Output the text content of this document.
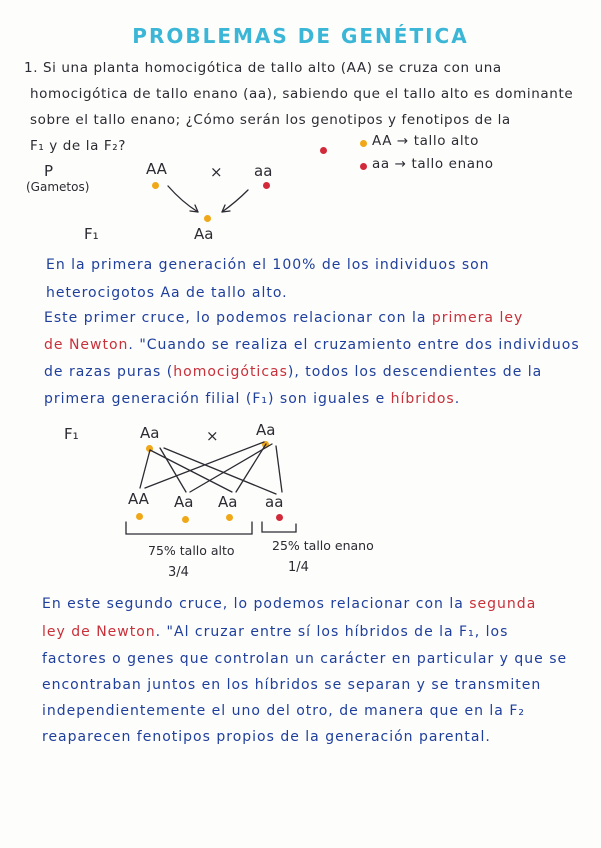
PROBLEMAS DE GENÉTICA
1. Si una planta homocigótica de tallo alto (AA) se cruza con una
homocigótica de tallo enano (aa), sabiendo que el tallo alto es dominante
sobre el tallo enano; ¿Cómo serán los genotipos y fenotipos de la
F₁ y de la F₂?	AA → tallo alto
aa → tallo enano
P
(Gametos)
AA	× aa
Aa
F₁
En la primera generación el 100% de los individuos son
heterocigotos Aa de tallo alto.
Este primer cruce, lo podemos relacionar con la primera ley
de Newton. "Cuando se realiza el cruzamiento entre dos individuos
de razas puras (homocigóticas), todos los descendientes de la
primera generación filial (F₁) son iguales e híbridos.
F₁	Aa	× Aa
AA Aa Aa aa
75% tallo alto
3/4
25% tallo enano
1/4
En este segundo cruce, lo podemos relacionar con la segunda
ley de Newton. "Al cruzar entre sí los híbridos de la F₁, los
factores o genes que controlan un carácter en particular y que se
encontraban juntos en los híbridos se separan y se transmiten
independientemente el uno del otro, de manera que en la F₂
reaparecen fenotipos propios de la generación parental.
